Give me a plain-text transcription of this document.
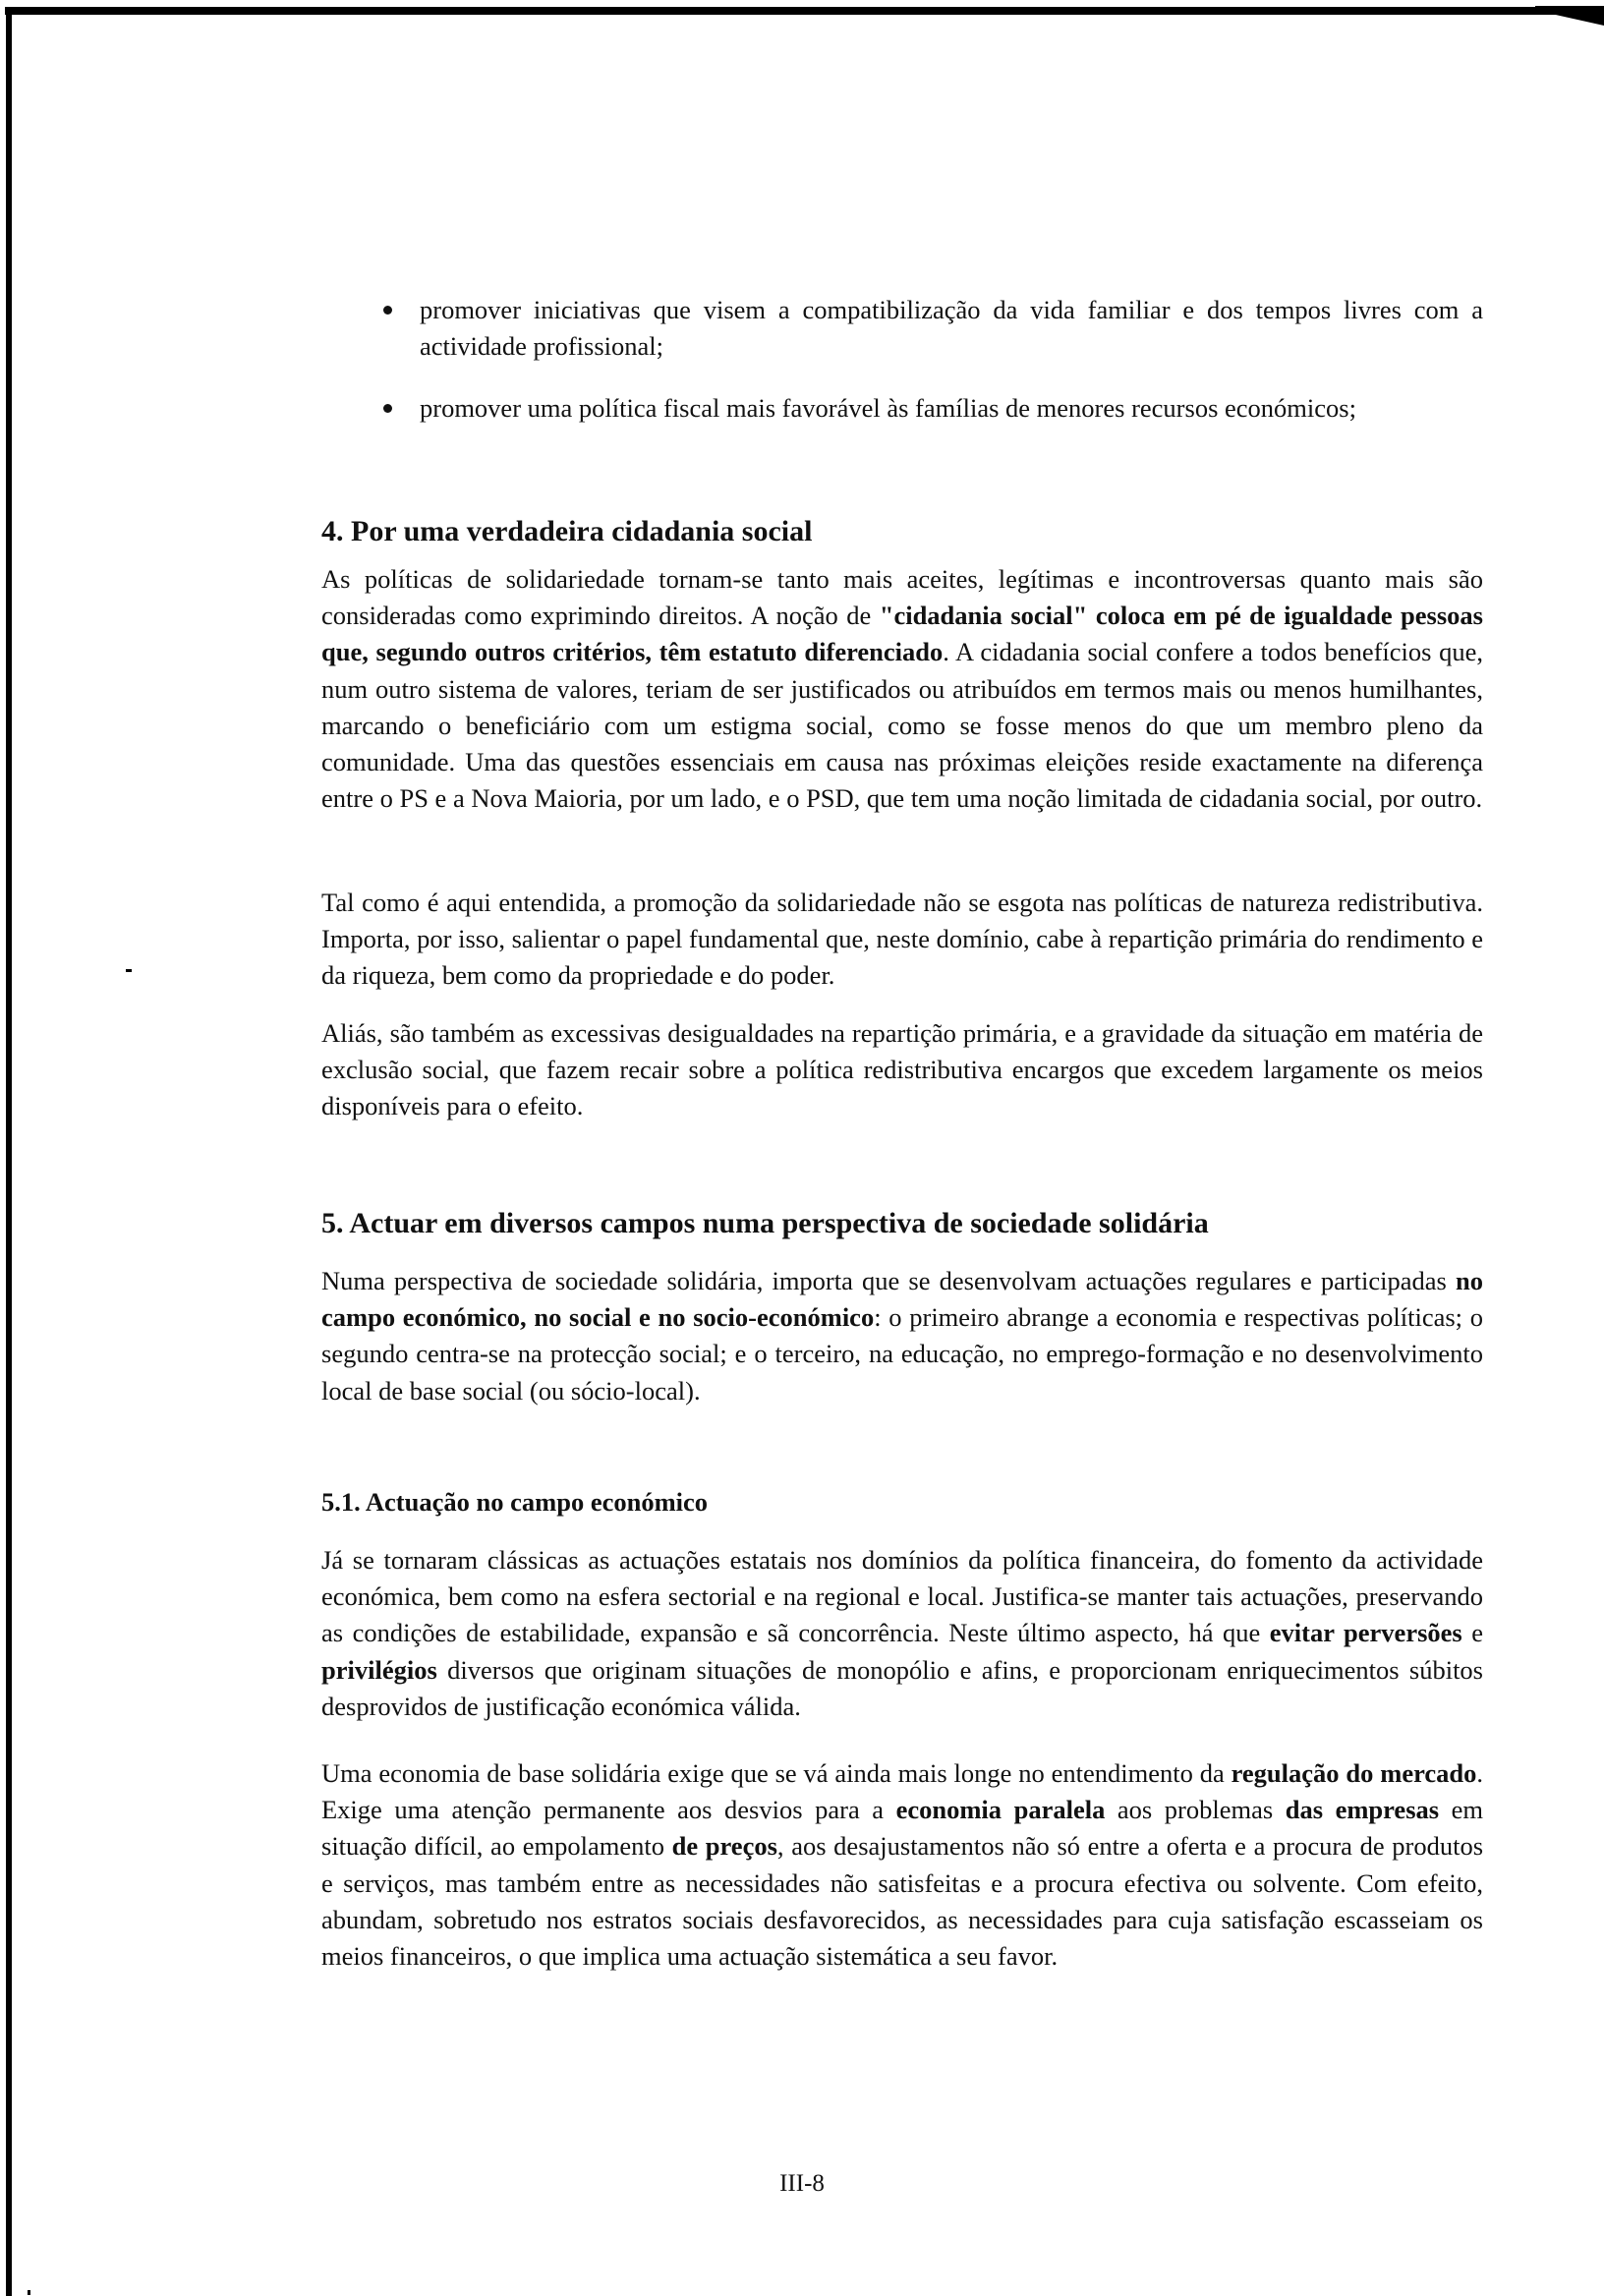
promover iniciativas que visem a compatibilização da vida familiar e dos tempos livres com a actividade profissional;

promover uma política fiscal mais favorável às famílias de menores recursos económicos;

4. Por uma verdadeira cidadania social

As políticas de solidariedade tornam-se tanto mais aceites, legítimas e incontroversas quanto mais são consideradas como exprimindo direitos. A noção de "cidadania social" coloca em pé de igualdade pessoas que, segundo outros critérios, têm estatuto diferenciado. A cidadania social confere a todos benefícios que, num outro sistema de valores, teriam de ser justificados ou atribuídos em termos mais ou menos humilhantes, marcando o beneficiário com um estigma social, como se fosse menos do que um membro pleno da comunidade. Uma das questões essenciais em causa nas próximas eleições reside exactamente na diferença entre o PS e a Nova Maioria, por um lado, e o PSD, que tem uma noção limitada de cidadania social, por outro.

Tal como é aqui entendida, a promoção da solidariedade não se esgota nas políticas de natureza redistributiva. Importa, por isso, salientar o papel fundamental que, neste domínio, cabe à repartição primária do rendimento e da riqueza, bem como da propriedade e do poder.

Aliás, são também as excessivas desigualdades na repartição primária, e a gravidade da situação em matéria de exclusão social, que fazem recair sobre a política redistributiva encargos que excedem largamente os meios disponíveis para o efeito.

5. Actuar em diversos campos numa perspectiva de sociedade solidária

Numa perspectiva de sociedade solidária, importa que se desenvolvam actuações regulares e participadas no campo económico, no social e no socio-económico: o primeiro abrange a economia e respectivas políticas; o segundo centra-se na protecção social; e o terceiro, na educação, no emprego-formação e no desenvolvimento local de base social (ou sócio-local).

5.1. Actuação no campo económico

Já se tornaram clássicas as actuações estatais nos domínios da política financeira, do fomento da actividade económica, bem como na esfera sectorial e na regional e local. Justifica-se manter tais actuações, preservando as condições de estabilidade, expansão e sã concorrência. Neste último aspecto, há que evitar perversões e privilégios diversos que originam situações de monopólio e afins, e proporcionam enriquecimentos súbitos desprovidos de justificação económica válida.

Uma economia de base solidária exige que se vá ainda mais longe no entendimento da regulação do mercado. Exige uma atenção permanente aos desvios para a economia paralela aos problemas das empresas em situação difícil, ao empolamento de preços, aos desajustamentos não só entre a oferta e a procura de produtos e serviços, mas também entre as necessidades não satisfeitas e a procura efectiva ou solvente. Com efeito, abundam, sobretudo nos estratos sociais desfavorecidos, as necessidades para cuja satisfação escasseiam os meios financeiros, o que implica uma actuação sistemática a seu favor.

III-8
